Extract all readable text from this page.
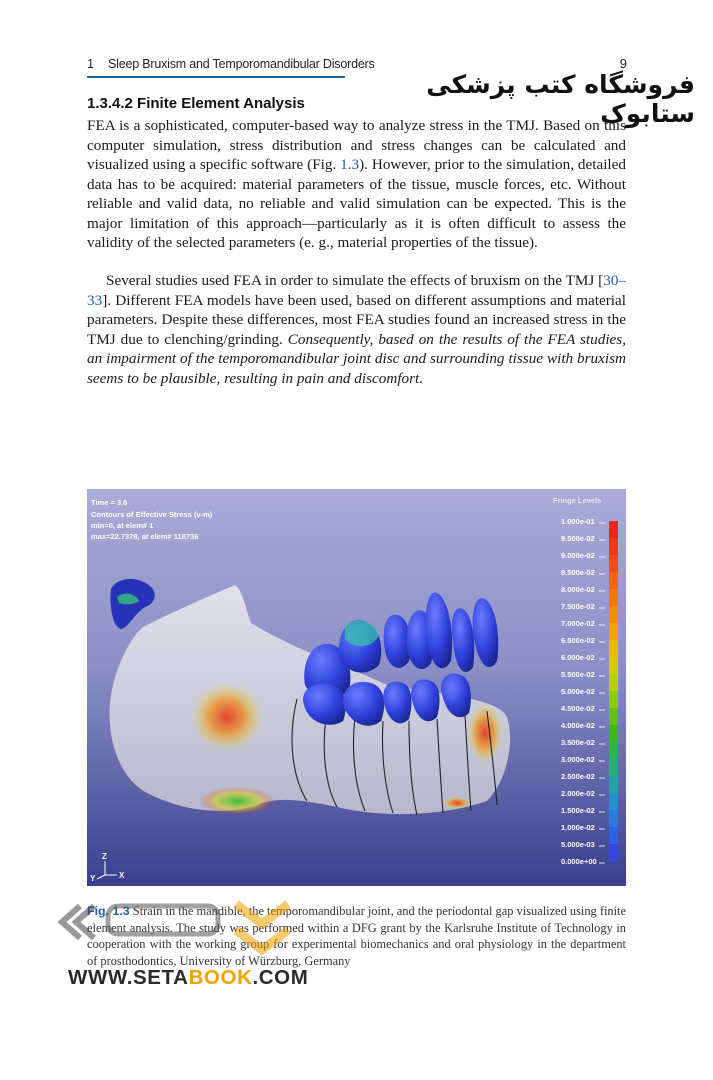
1 Sleep Bruxism and Temporomandibular Disorders	9
فروشگاه کتب پزشکی ستابوک
1.3.4.2 Finite Element Analysis

FEA is a sophisticated, computer-based way to analyze stress in the TMJ. Based on this computer simulation, stress distribution and stress changes can be calculated and visualized using a specific software (Fig. 1.3). However, prior to the simulation, detailed data has to be acquired: material parameters of the tissue, muscle forces, etc. Without reliable and valid data, no reliable and valid simulation can be expected. This is the major limitation of this approach—particularly as it is often difficult to assess the validity of the selected parameters (e. g., material properties of the tissue).

Several studies used FEA in order to simulate the effects of bruxism on the TMJ [30–33]. Different FEA models have been used, based on different assumptions and material parameters. Despite these differences, most FEA studies found an increased stress in the TMJ due to clenching/grinding. Consequently, based on the results of the FEA studies, an impairment of the temporomandibular joint disc and surrounding tissue with bruxism seems to be plausible, resulting in pain and discomfort.

Time = 3.6
Contours of Effective Stress (v-m)
min=0, at elem# 1
max=22.7378, at elem# 118736
Z
X
Y
Fringe Levels
1.000e-01
9.500e-02
9.000e-02
8.500e-02
8.000e-02
7.500e-02
7.000e-02
6.500e-02
6.000e-02
5.500e-02
5.000e-02
4.500e-02
4.000e-02
3.500e-02
3.000e-02
2.500e-02
2.000e-02
1.500e-02
1.000e-02
5.000e-03
0.000e+00

Fig. 1.3 Strain in the mandible, the temporomandibular joint, and the periodontal gap visualized using finite element analysis. The study was performed within a DFG grant by the Karlsruhe Institute of Technology in cooperation with the working group for experimental biomechanics and oral physiology in the department of prosthodontics, University of Würzburg, Germany

WWW.SETABOOK.COM
